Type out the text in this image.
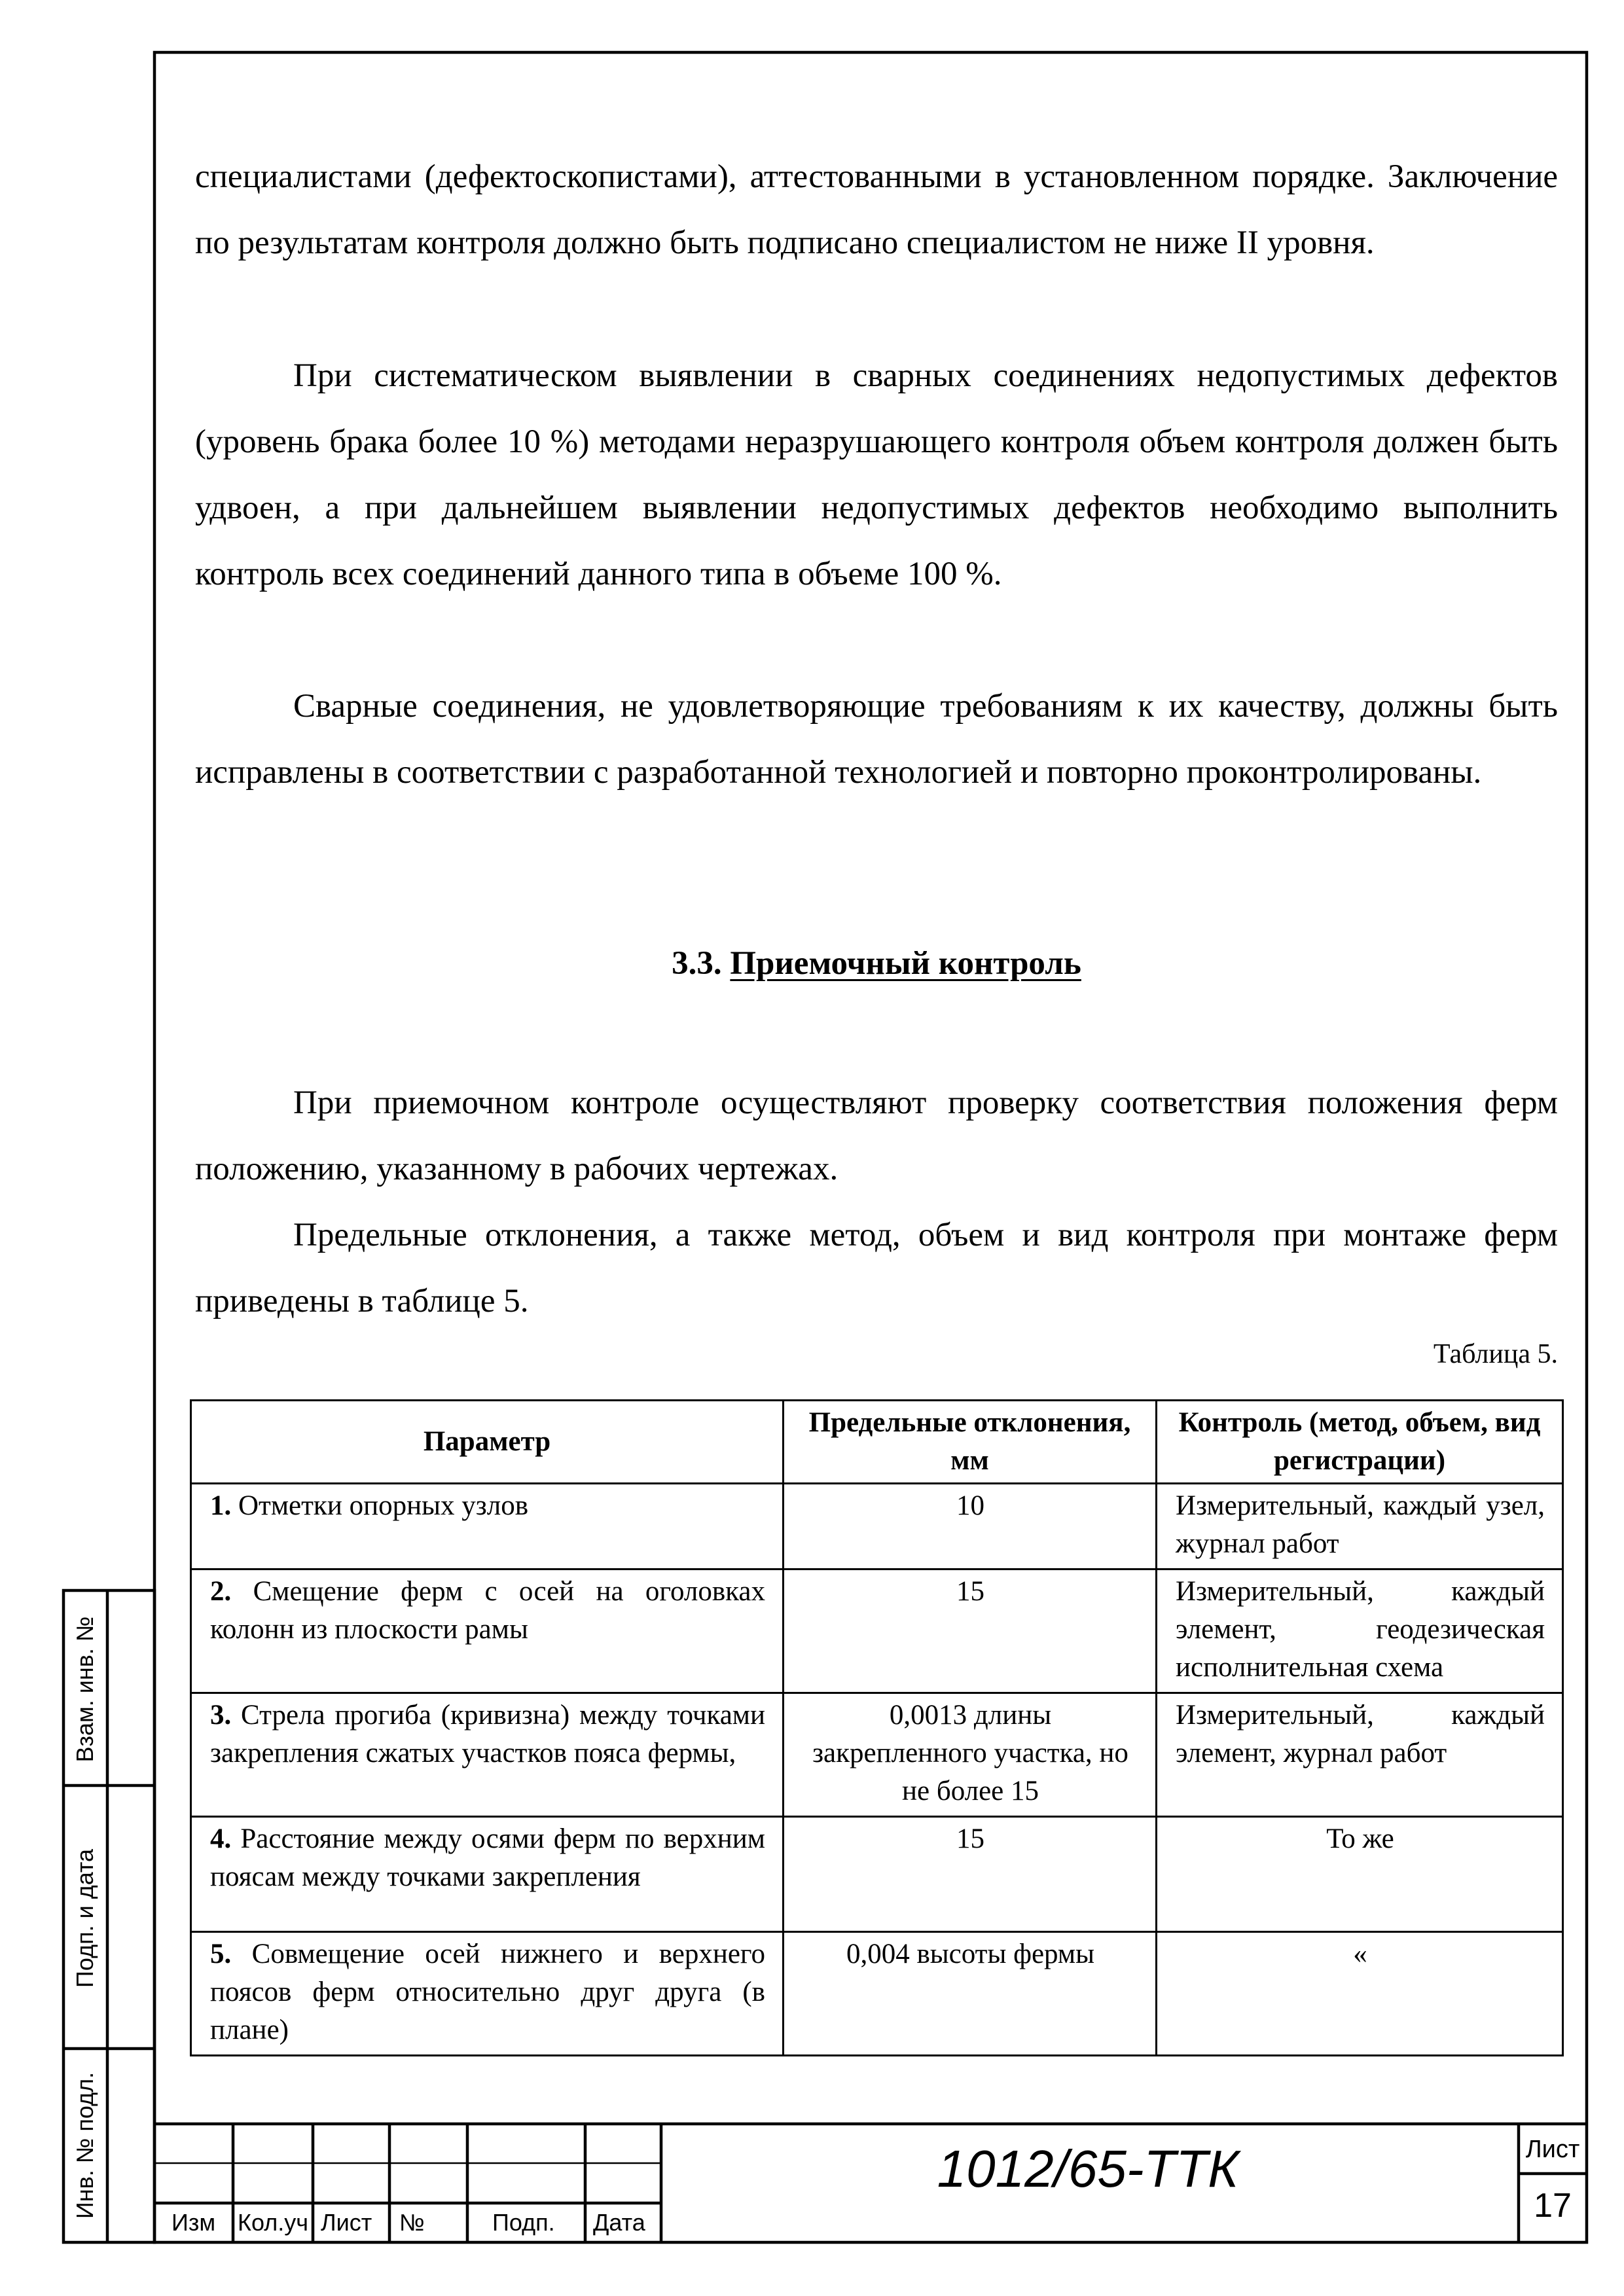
специалистами (дефектоскопистами), аттестованными в установленном порядке. Заключение по результатам контроля должно быть подписано специалистом не ниже II уровня.

При систематическом выявлении в сварных соединениях недопустимых дефектов (уровень брака более 10 %) методами неразрушающего контроля объем контроля должен быть удвоен, а при дальнейшем выявлении недопустимых дефектов необходимо выполнить контроль всех соединений данного типа в объеме 100 %.

Сварные соединения, не удовлетворяющие требованиям к их качеству, должны быть исправлены в соответствии с разработанной технологией и повторно проконтролированы.

3.3. Приемочный контроль

При приемочном контроле осуществляют проверку соответствия положения ферм положению, указанному в рабочих чертежах.

Предельные отклонения, а также метод, объем и вид контроля при монтаже ферм приведены в таблице 5.

Таблица 5.
Параметр	Предельные отклонения, мм	Контроль (метод, объем, вид регистрации)
1. Отметки опорных узлов	10	Измерительный, каждый узел, журнал работ
2. Смещение ферм с осей на оголовках колонн из плоскости рамы	15	Измерительный, каждый элемент, геодезическая исполнительная схема
3. Стрела прогиба (кривизна) между точками закрепления сжатых участков пояса фермы,	0,0013 длины закрепленного участка, но не более 15	Измерительный, каждый элемент, журнал работ
4. Расстояние между осями ферм по верхним поясам между точками закрепления	15	То же
5. Совмещение осей нижнего и верхнего поясов ферм относительно друг друга (в плане)	0,004 высоты фермы	«
Взам. инв. №
Подп. и дата
Инв. № подл.
Изм Кол.уч Лист №	Подп. Дата
1012/65-ТТК	Лист
17
